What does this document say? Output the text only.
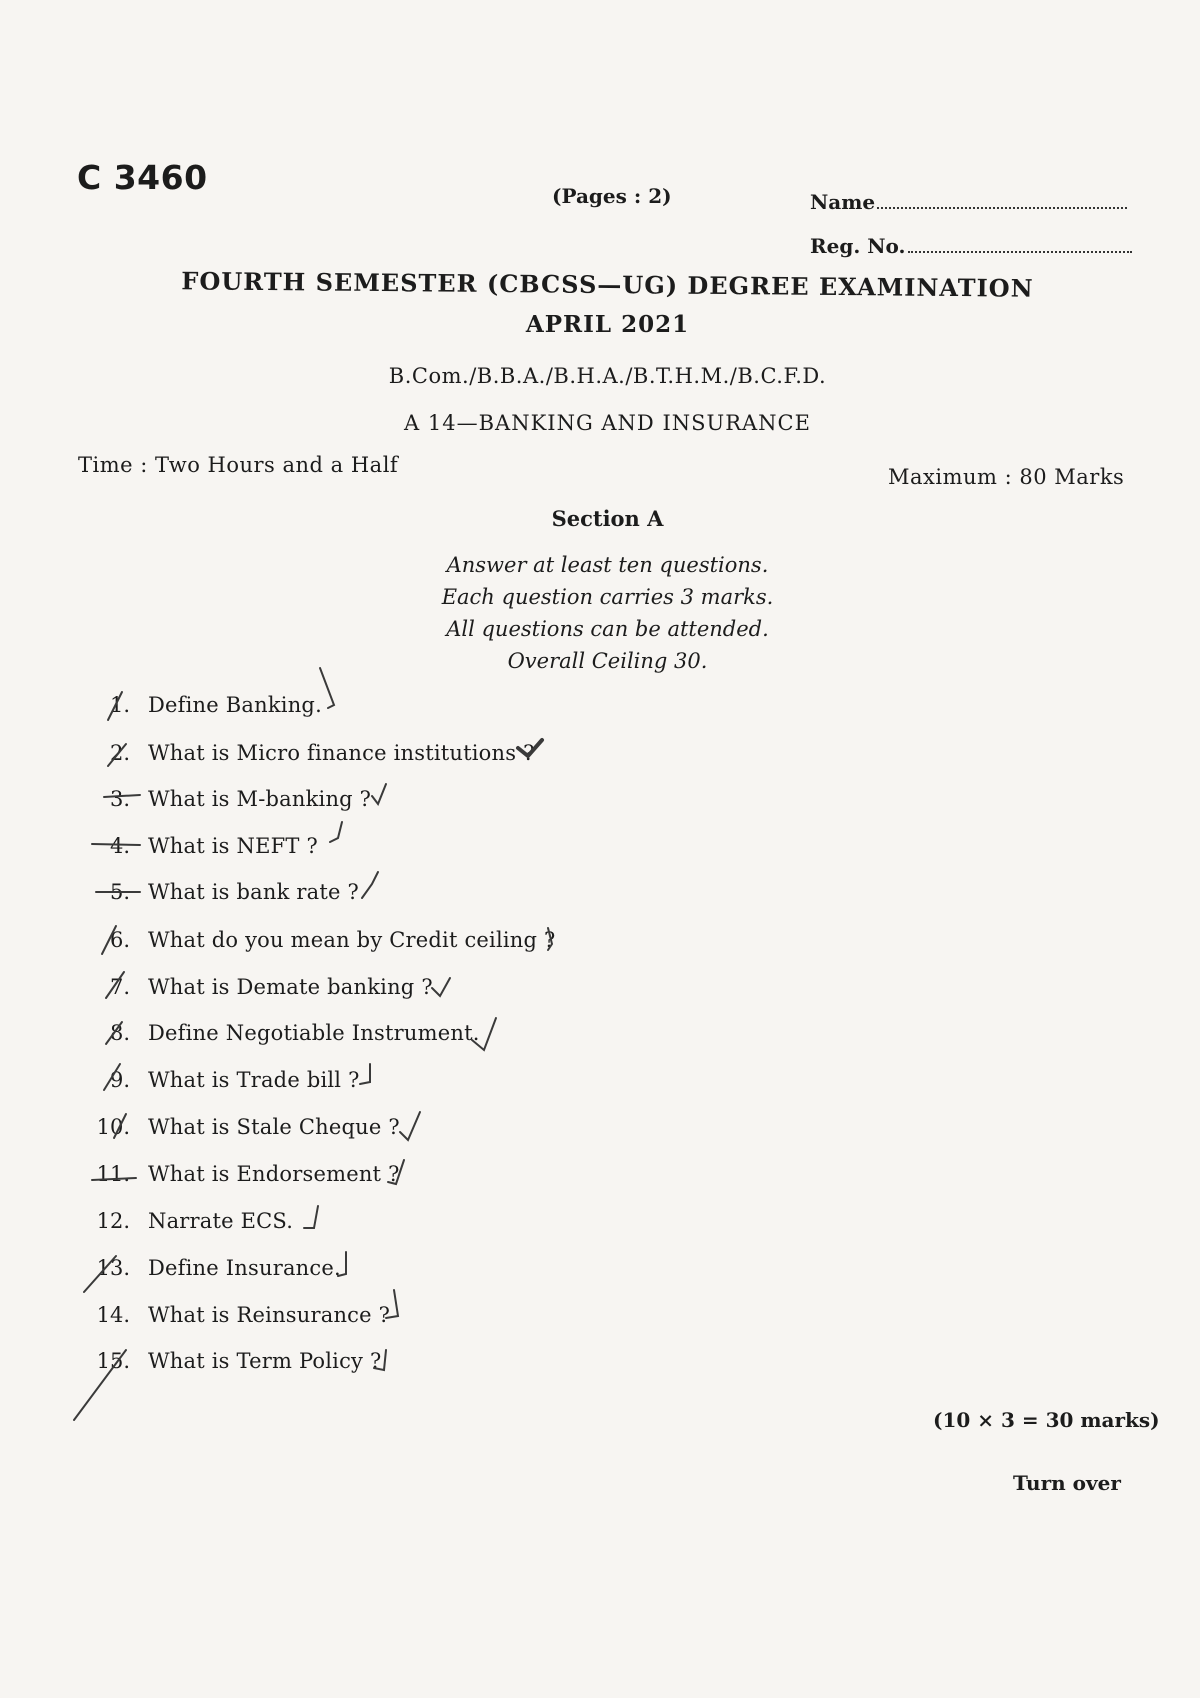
C 3460	(Pages : 2)	Name
Reg. No.
FOURTH SEMESTER (CBCSS—UG) DEGREE EXAMINATION
APRIL 2021
B.Com./B.B.A./B.H.A./B.T.H.M./B.C.F.D.
A 14—BANKING AND INSURANCE
Time : Two Hours and a Half	Maximum : 80 Marks
Section A
Answer at least ten questions.
Each question carries 3 marks.
All questions can be attended.
Overall Ceiling 30.
1. Define Banking.
2. What is Micro finance institutions ?
3. What is M-banking ?
4. What is NEFT ?
5. What is bank rate ?
6. What do you mean by Credit ceiling ?
7. What is Demate banking ?
8. Define Negotiable Instrument.
9. What is Trade bill ?
10. What is Stale Cheque ?
11. What is Endorsement ?
12. Narrate ECS.
13. Define Insurance.
14. What is Reinsurance ?
15. What is Term Policy ?
(10 × 3 = 30 marks)
Turn over
